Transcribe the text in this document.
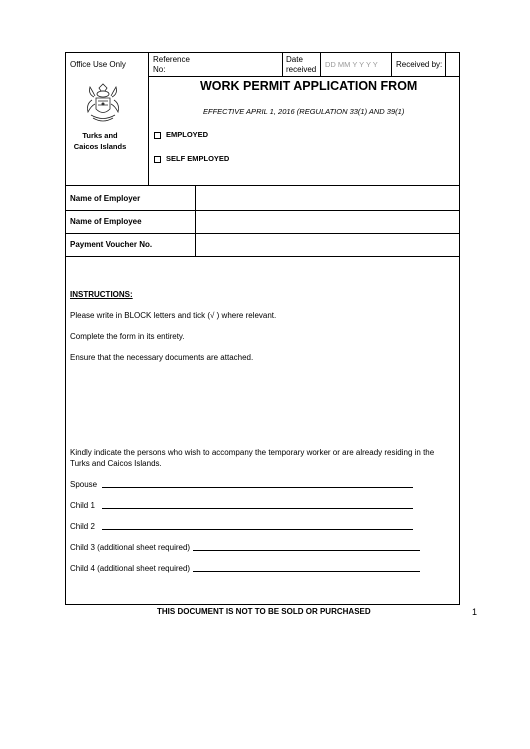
Office Use Only
Reference No:
Date received
DD MM Y Y Y Y Received by:
Turks and Caicos Islands
WORK PERMIT APPLICATION FROM
EFFECTIVE APRIL 1, 2016 (REGULATION 33(1) AND 39(1)
EMPLOYED
SELF EMPLOYED
Name of Employer
Name of Employee
Payment Voucher No.
INSTRUCTIONS:
Please write in BLOCK letters and tick (√ ) where relevant.
Complete the form in its entirety.
Ensure that the necessary documents are attached.
Kindly indicate the persons who wish to accompany the temporary worker or are already residing in the
Turks and Caicos Islands.
Spouse
Child 1
Child 2
Child 3 (additional sheet required)
Child 4 (additional sheet required)
THIS DOCUMENT IS NOT TO BE SOLD OR PURCHASED	1
